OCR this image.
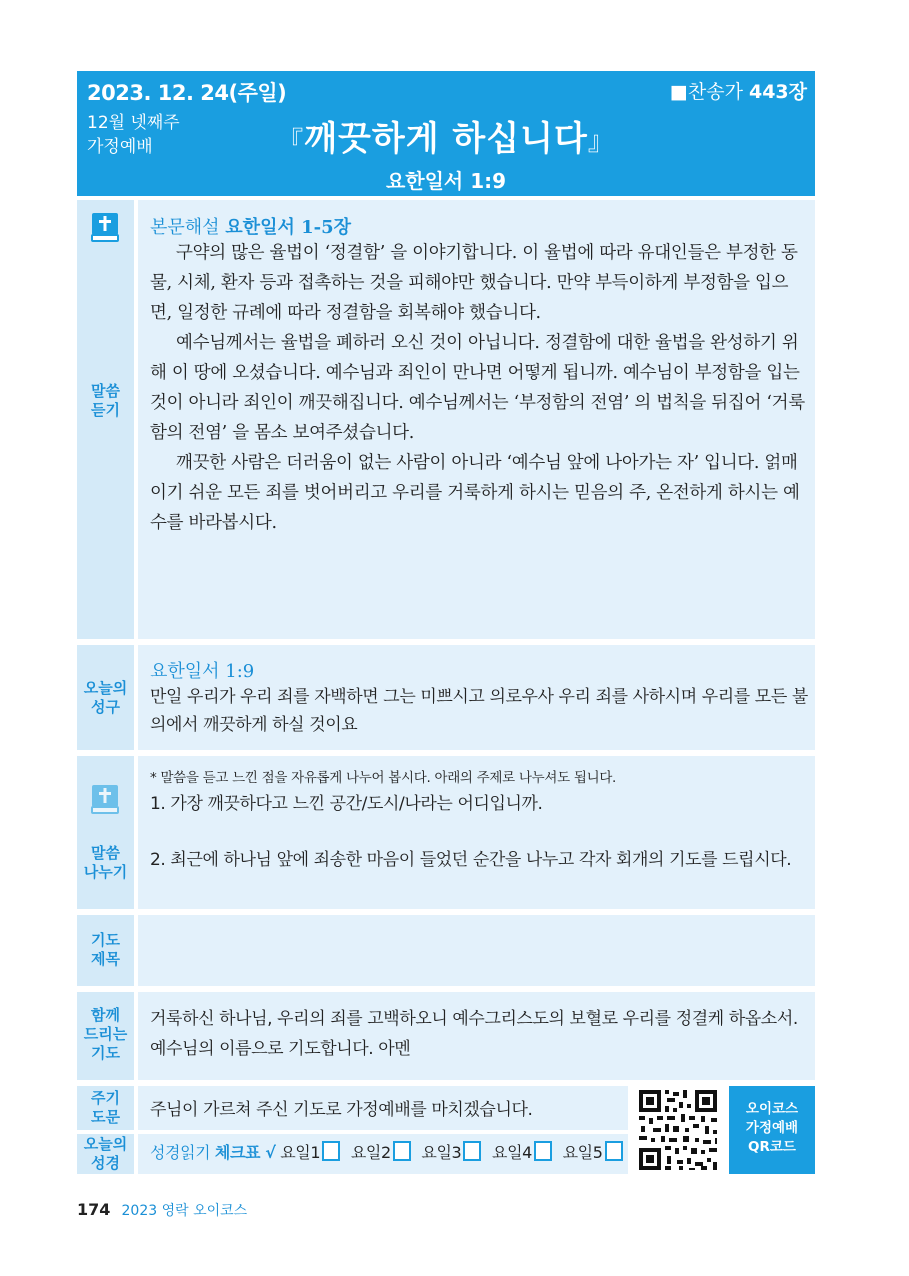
2023. 12. 24(주일)
12월 넷째주
가정예배
■찬송가 443장
『깨끗하게 하십니다』
요한일서 1:9
말씀
듣기
본문해설 요한일서 1-5장

구약의 많은 율법이 ‘정결함’ 을 이야기합니다. 이 율법에 따라 유대인들은 부정한 동물, 시체, 환자 등과 접촉하는 것을 피해야만 했습니다. 만약 부득이하게 부정함을 입으면, 일정한 규례에 따라 정결함을 회복해야 했습니다.

예수님께서는 율법을 폐하러 오신 것이 아닙니다. 정결함에 대한 율법을 완성하기 위해 이 땅에 오셨습니다. 예수님과 죄인이 만나면 어떻게 됩니까. 예수님이 부정함을 입는 것이 아니라 죄인이 깨끗해집니다. 예수님께서는 ‘부정함의 전염’ 의 법칙을 뒤집어 ‘거룩함의 전염’ 을 몸소 보여주셨습니다.

깨끗한 사람은 더러움이 없는 사람이 아니라 ‘예수님 앞에 나아가는 자’ 입니다. 얽매이기 쉬운 모든 죄를 벗어버리고 우리를 거룩하게 하시는 믿음의 주, 온전하게 하시는 예수를 바라봅시다.

오늘의
성구
요한일서 1:9
만일 우리가 우리 죄를 자백하면 그는 미쁘시고 의로우사 우리 죄를 사하시며 우리를 모든 불의에서 깨끗하게 하실 것이요
말씀
나누기
* 말씀을 듣고 느낀 점을 자유롭게 나누어 봅시다. 아래의 주제로 나누셔도 됩니다.
1. 가장 깨끗하다고 느낀 공간/도시/나라는 어디입니까.
2. 최근에 하나님 앞에 죄송한 마음이 들었던 순간을 나누고 각자 회개의 기도를 드립시다.
기도
제목
함께
드리는
기도
거룩하신 하나님, 우리의 죄를 고백하오니 예수그리스도의 보혈로 우리를 정결케 하옵소서. 예수님의 이름으로 기도합니다. 아멘
주기
도문	주님이 가르쳐 주신 기도로 가정예배를 마치겠습니다.
오늘의
성경
성경읽기 체크표 √ 요일1 요일2 요일3 요일4 요일5
오이코스
가정예배
QR코드
174 2023 영락 오이코스
